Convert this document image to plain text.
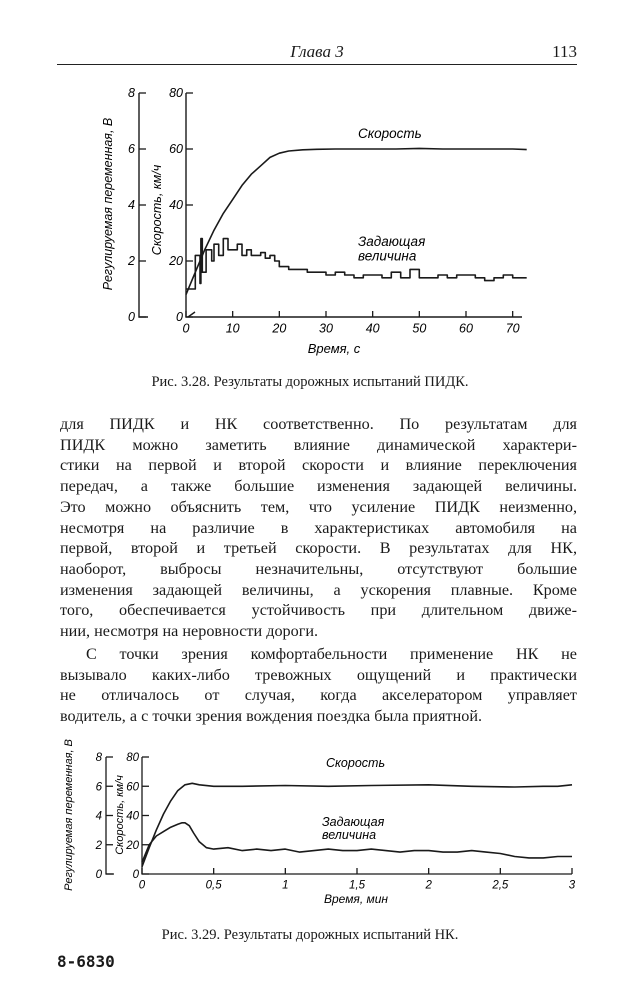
Глава 3	113
0
2
4
6
8
0
20
40
60
80
0	10	20	30	40	50	60	70
Скорость
Задающая
величина
Время, с
Регулируемая переменная, В	Скорость, км/ч
Рис. 3.28. Результаты дорожных испытаний ПИДК.
для ПИДК и НК соответственно. По результатам для
ПИДК можно заметить влияние динамической характери-
стики на первой и второй скорости и влияние переключения
передач, а также большие изменения задающей величины.
Это можно объяснить тем, что усиление ПИДК неизменно,
несмотря на различие в характеристиках автомобиля на
первой, второй и третьей скорости. В результатах для НК,
наоборот, выбросы незначительны, отсутствуют большие
изменения задающей величины, а ускорения плавные. Кроме
того, обеспечивается устойчивость при длительном движе-
нии, несмотря на неровности дороги.
С точки зрения комфортабельности применение НК не
вызывало каких-либо тревожных ощущений и практически
не отличалось от случая, когда акселератором управляет
водитель, а с точки зрения вождения поездка была приятной.
0
2
4
6
8
0
20
40
60
80
0	0,5	1	1,5	2	2,5	3
Скорость
Задающая
величина
Время, мин
Регулируемая переменная, В	Скорость, км/ч
Рис. 3.29. Результаты дорожных испытаний НК.
8-6830
